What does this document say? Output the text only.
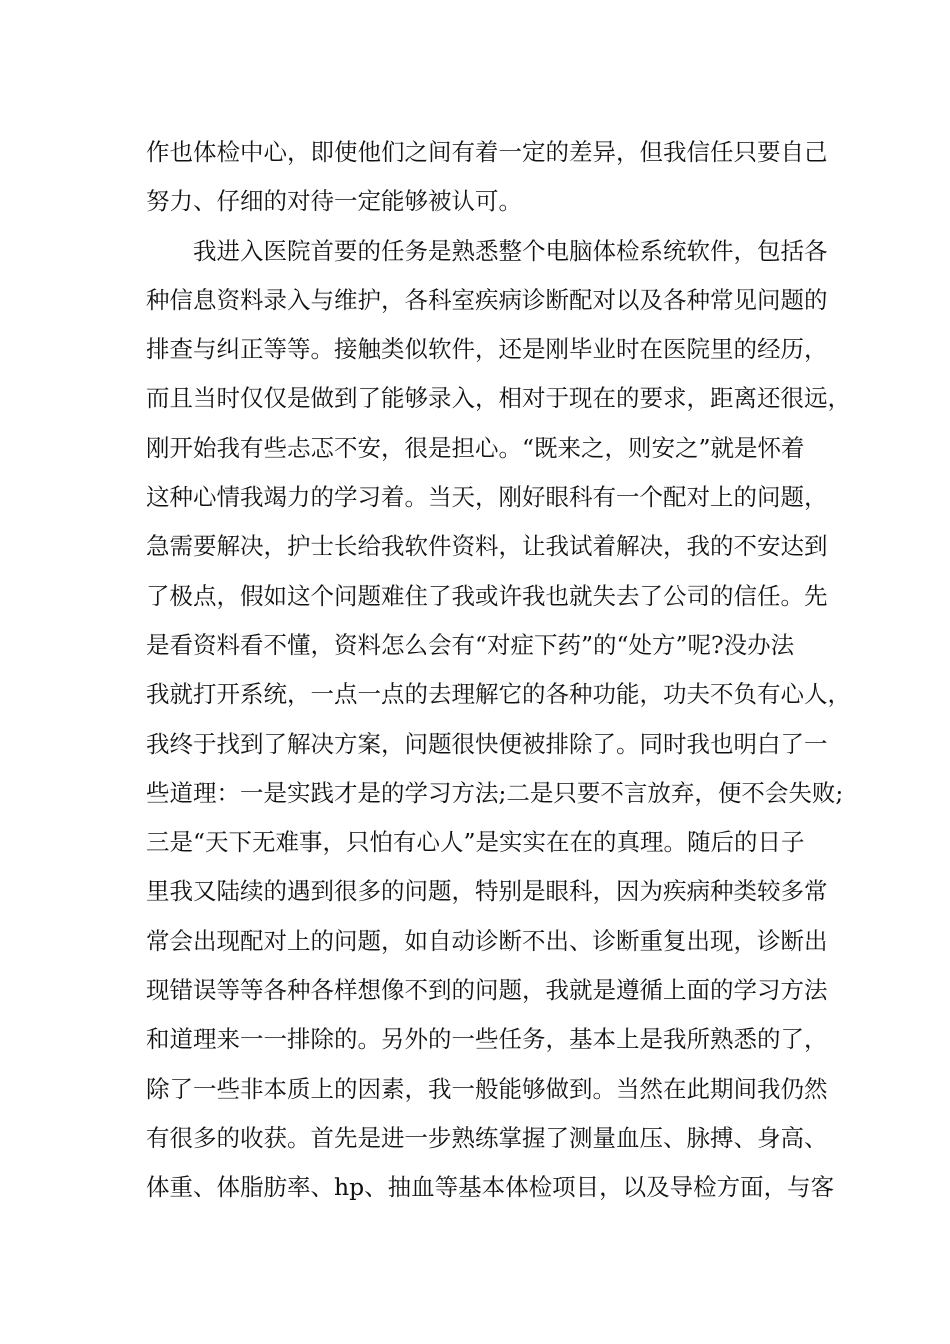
作也体检中心，即使他们之间有着一定的差异，但我信任只要自己
努力、仔细的对待一定能够被认可。
我进入医院首要的任务是熟悉整个电脑体检系统软件，包括各
种信息资料录入与维护，各科室疾病诊断配对以及各种常见问题的
排查与纠正等等。接触类似软件，还是刚毕业时在医院里的经历，
而且当时仅仅是做到了能够录入，相对于现在的要求，距离还很远，
刚开始我有些忐忑不安，很是担心。“既来之，则安之”就是怀着
这种心情我竭力的学习着。当天，刚好眼科有一个配对上的问题，
急需要解决，护士长给我软件资料，让我试着解决，我的不安达到
了极点，假如这个问题难住了我或许我也就失去了公司的信任。先
是看资料看不懂，资料怎么会有“对症下药”的“处方”呢?没办法
我就打开系统，一点一点的去理解它的各种功能，功夫不负有心人，
我终于找到了解决方案，问题很快便被排除了。同时我也明白了一
些道理：一是实践才是的学习方法;二是只要不言放弃，便不会失败;
三是“天下无难事，只怕有心人”是实实在在的真理。随后的日子
里我又陆续的遇到很多的问题，特别是眼科，因为疾病种类较多常
常会出现配对上的问题，如自动诊断不出、诊断重复出现，诊断出
现错误等等各种各样想像不到的问题，我就是遵循上面的学习方法
和道理来一一排除的。另外的一些任务，基本上是我所熟悉的了，
除了一些非本质上的因素，我一般能够做到。当然在此期间我仍然
有很多的收获。首先是进一步熟练掌握了测量血压、脉搏、身高、
体重、体脂肪率、hp、抽血等基本体检项目，以及导检方面，与客
